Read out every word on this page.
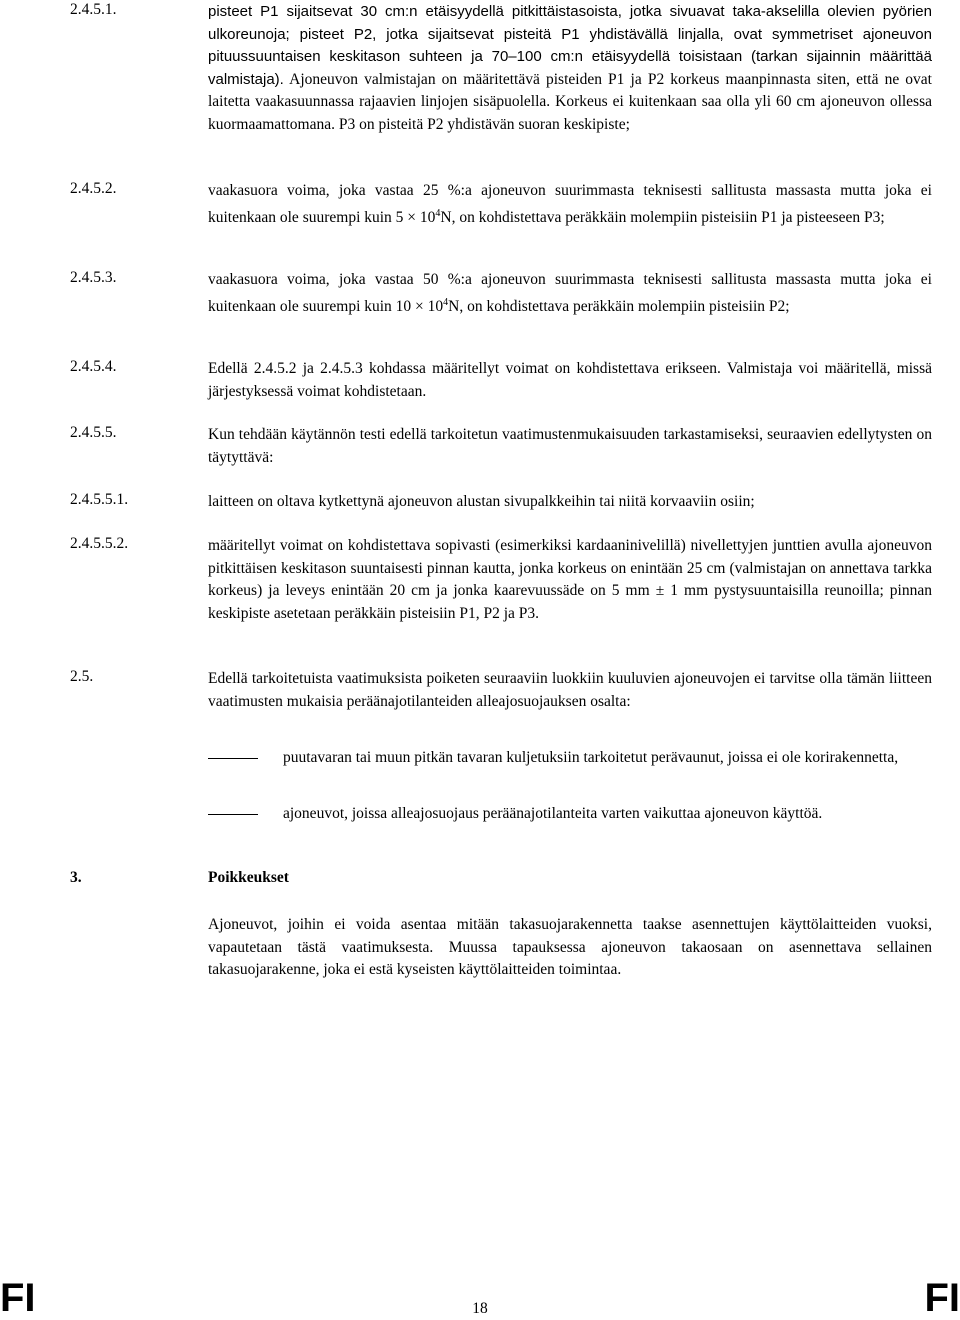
2.4.5.1.	pisteet P1 sijaitsevat 30 cm:n etäisyydellä pitkittäistasoista, jotka sivuavat taka-akselilla olevien pyörien ulkoreunoja; pisteet P2, jotka sijaitsevat pisteitä P1 yhdistävällä linjalla, ovat symmetriset ajoneuvon pituussuuntaisen keskitason suhteen ja 70–100 cm:n etäisyydellä toisistaan (tarkan sijainnin määrittää valmistaja). Ajoneuvon valmistajan on määritettävä pisteiden P1 ja P2 korkeus maanpinnasta siten, että ne ovat laitetta vaakasuunnassa rajaavien linjojen sisäpuolella. Korkeus ei kuitenkaan saa olla yli 60 cm ajoneuvon ollessa kuormaamattomana. P3 on pisteitä P2 yhdistävän suoran keskipiste;

2.4.5.2.	vaakasuora voima, joka vastaa 25 %:a ajoneuvon suurimmasta teknisesti sallitusta massasta mutta joka ei kuitenkaan ole suurempi kuin $5 \times 10^4N$, on kohdistettava peräkkäin molempiin pisteisiin P1 ja pisteeseen P3;

2.4.5.3.	vaakasuora voima, joka vastaa 50 %:a ajoneuvon suurimmasta teknisesti sallitusta massasta mutta joka ei kuitenkaan ole suurempi kuin $10 \times 10^4N$, on kohdistettava peräkkäin molempiin pisteisiin P2;

2.4.5.4.	Edellä 2.4.5.2 ja 2.4.5.3 kohdassa määritellyt voimat on kohdistettava erikseen. Valmistaja voi määritellä, missä järjestyksessä voimat kohdistetaan.

2.4.5.5.	Kun tehdään käytännön testi edellä tarkoitetun vaatimustenmukaisuuden tarkastamiseksi, seuraavien edellytysten on täytyttävä:

2.4.5.5.1.	laitteen on oltava kytkettynä ajoneuvon alustan sivupalkkeihin tai niitä korvaaviin osiin;

2.4.5.5.2.	määritellyt voimat on kohdistettava sopivasti (esimerkiksi kardaaninivelillä) nivellettyjen junttien avulla ajoneuvon pitkittäisen keskitason suuntaisesti pinnan kautta, jonka korkeus on enintään 25 cm (valmistajan on annettava tarkka korkeus) ja leveys enintään 20 cm ja jonka kaarevuussäde on 5 mm ± 1 mm pystysuuntaisilla reunoilla; pinnan keskipiste asetetaan peräkkäin pisteisiin P1, P2 ja P3.

2.5.	Edellä tarkoitetuista vaatimuksista poiketen seuraaviin luokkiin kuuluvien ajoneuvojen ei tarvitse olla tämän liitteen vaatimusten mukaisia peräänajotilanteiden alleajosuojauksen osalta:

puutavaran tai muun pitkän tavaran kuljetuksiin tarkoitetut perävaunut, joissa ei ole korirakennetta,
ajoneuvot, joissa alleajosuojaus peräänajotilanteita varten vaikuttaa ajoneuvon käyttöä.
3.	Poikkeukset

Ajoneuvot, joihin ei voida asentaa mitään takasuojarakennetta taakse asennettujen käyttölaitteiden vuoksi, vapautetaan tästä vaatimuksesta. Muussa tapauksessa ajoneuvon takaosaan on asennettava sellainen takasuojarakenne, joka ei estä kyseisten käyttölaitteiden toimintaa.

FI	18	FI
